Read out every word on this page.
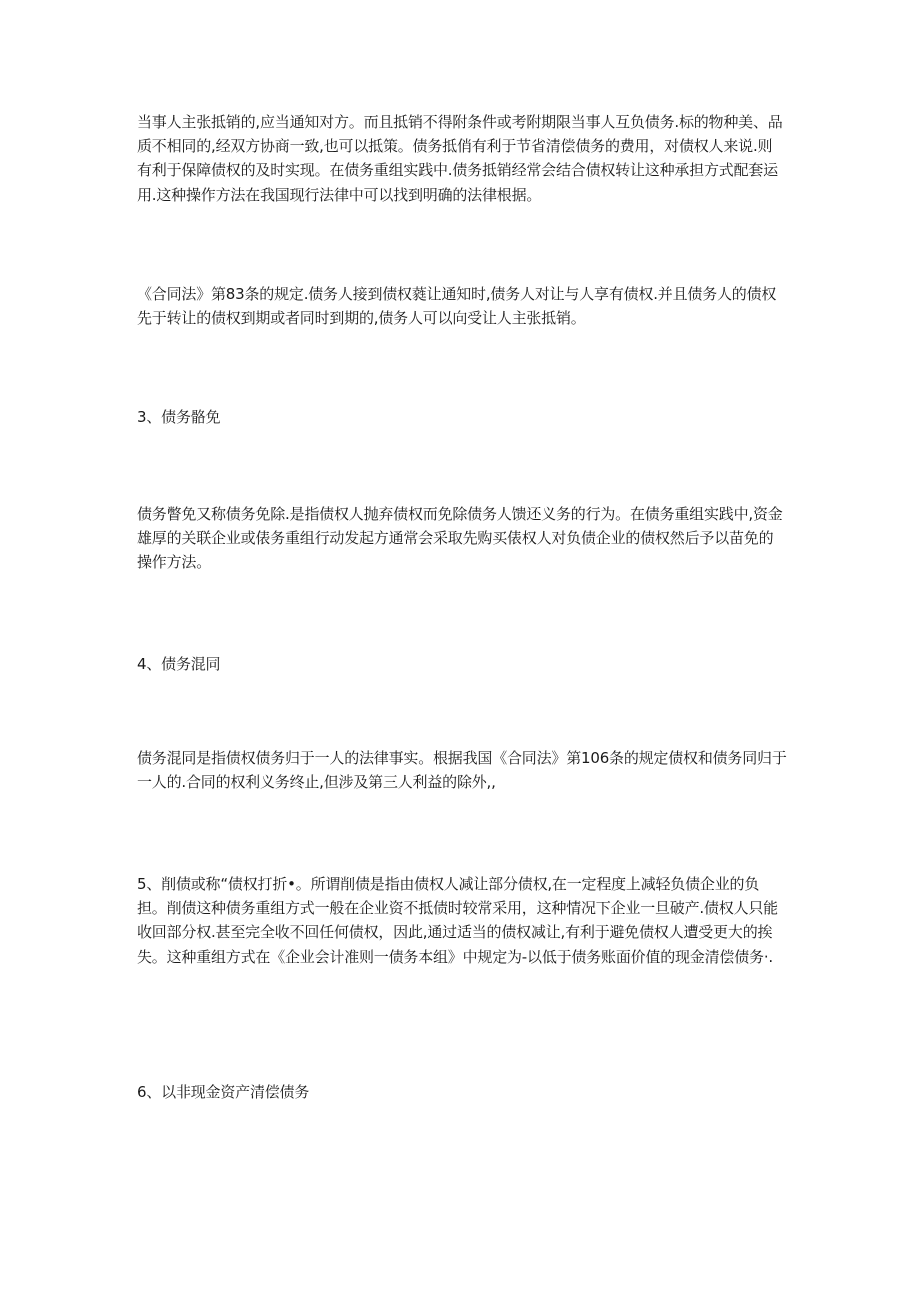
当事人主张抵销的,应当通知对方。而且抵销不得附条件或考附期限当事人互负债务.标的物种美、品质不相同的,经双方协商一致,也可以抵策。债务抵俏有利于节省清偿债务的费用，对债权人来说.则有利于保障债权的及时实现。在债务重组实践中.债务抵销经常会结合债权转让这种承担方式配套运用.这种操作方法在我国现行法律中可以找到明确的法律根据。

《合同法》第83条的规定.债务人接到债权蕤让通知时,债务人对让与人享有债权.并且债务人的债权先于转让的债权到期或者同时到期的,债务人可以向受让人主张抵销。

3、债务骼免

债务瞥免又称债务免除.是指债权人抛弃债权而免除债务人馈还义务的行为。在债务重组实践中,资金雄厚的关联企业或俵务重组行动发起方通常会采取先购买俵权人对负债企业的债权然后予以苗免的操作方法。

4、债务混同

债务混同是指债权债务归于一人的法律事实。根据我国《合同法》第106条的规定债权和债务同归于一人的.合同的权利义务终止,但涉及第三人利益的除外,,

5、削债或称“债权打折•。所谓削债是指由债权人减让部分债权,在一定程度上减轻负债企业的负担。削债这种债务重组方式一般在企业资不抵债时较常采用，这种情况下企业一旦破产.债权人只能收回部分权.甚至完全收不回任何债权，因此,通过适当的债权减让,有利于避免债权人遭受更大的挨失。这种重组方式在《企业会计准则一债务本组》中规定为-以低于债务账面价值的现金清偿债务·.

6、以非现金资产清偿债务
